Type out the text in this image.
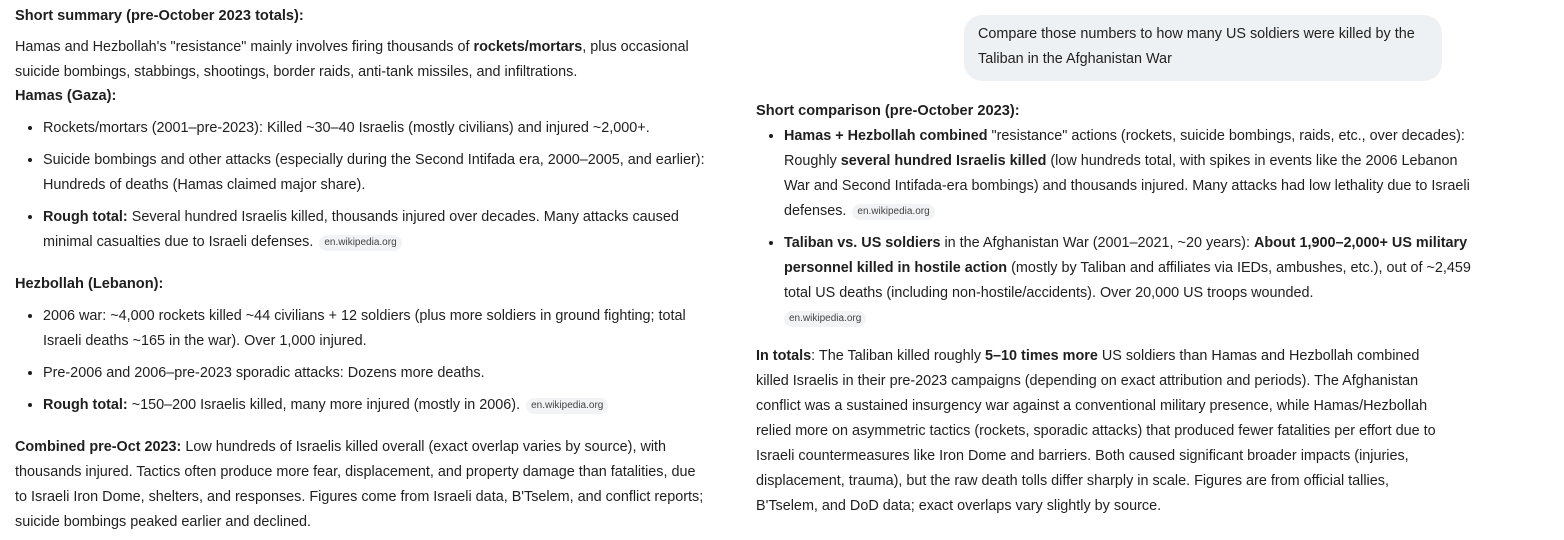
Short summary (pre-October 2023 totals):

Hamas and Hezbollah's "resistance" mainly involves firing thousands of rockets/mortars, plus occasional suicide bombings, stabbings, shootings, border raids, anti-tank missiles, and infiltrations.

Hamas (Gaza):
• Rockets/mortars (2001–pre-2023): Killed ~30–40 Israelis (mostly civilians) and injured ~2,000+.
• Suicide bombings and other attacks (especially during the Second Intifada era, 2000–2005, and earlier): Hundreds of deaths (Hamas claimed major share).
• Rough total: Several hundred Israelis killed, thousands injured over decades. Many attacks caused minimal casualties due to Israeli defenses. en.wikipedia.org
Hezbollah (Lebanon):
• 2006 war: ~4,000 rockets killed ~44 civilians + 12 soldiers (plus more soldiers in ground fighting; total Israeli deaths ~165 in the war). Over 1,000 injured.
• Pre-2006 and 2006–pre-2023 sporadic attacks: Dozens more deaths.
• Rough total: ~150–200 Israelis killed, many more injured (mostly in 2006). en.wikipedia.org

Combined pre-Oct 2023: Low hundreds of Israelis killed overall (exact overlap varies by source), with thousands injured. Tactics often produce more fear, displacement, and property damage than fatalities, due to Israeli Iron Dome, shelters, and responses. Figures come from Israeli data, B'Tselem, and conflict reports; suicide bombings peaked earlier and declined.

Compare those numbers to how many US soldiers were killed by the Taliban in the Afghanistan War
Short comparison (pre-October 2023):
• Hamas + Hezbollah combined "resistance" actions (rockets, suicide bombings, raids, etc., over decades): Roughly several hundred Israelis killed (low hundreds total, with spikes in events like the 2006 Lebanon War and Second Intifada-era bombings) and thousands injured. Many attacks had low lethality due to Israeli defenses. en.wikipedia.org
• Taliban vs. US soldiers in the Afghanistan War (2001–2021, ~20 years): About 1,900–2,000+ US military personnel killed in hostile action (mostly by Taliban and affiliates via IEDs, ambushes, etc.), out of ~2,459 total US deaths (including non-hostile/accidents). Over 20,000 US troops wounded.
en.wikipedia.org

In totals: The Taliban killed roughly 5–10 times more US soldiers than Hamas and Hezbollah combined killed Israelis in their pre-2023 campaigns (depending on exact attribution and periods). The Afghanistan conflict was a sustained insurgency war against a conventional military presence, while Hamas/Hezbollah relied more on asymmetric tactics (rockets, sporadic attacks) that produced fewer fatalities per effort due to Israeli countermeasures like Iron Dome and barriers. Both caused significant broader impacts (injuries, displacement, trauma), but the raw death tolls differ sharply in scale. Figures are from official tallies, B'Tselem, and DoD data; exact overlaps vary slightly by source.
